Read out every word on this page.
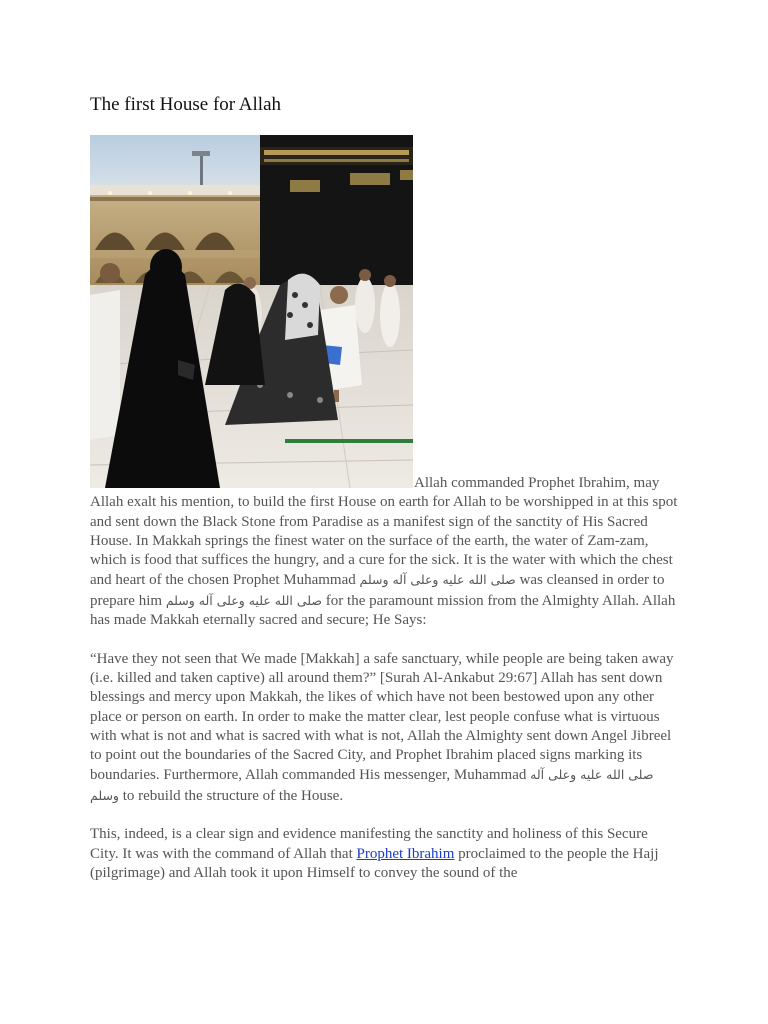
The first House for Allah

Allah commanded Prophet Ibrahim, may Allah exalt his mention, to build the first House on earth for Allah to be worshipped in at this spot and sent down the Black Stone from Paradise as a manifest sign of the sanctity of His Sacred House. In Makkah springs the finest water on the surface of the earth, the water of Zam-zam, which is food that suffices the hungry, and a cure for the sick. It is the water with which the chest and heart of the chosen Prophet Muhammad صلى الله عليه وعلى آله وسلم was cleansed in order to prepare him صلى الله عليه وعلى آله وسلم for the paramount mission from the Almighty Allah. Allah has made Makkah eternally sacred and secure; He Says:

“Have they not seen that We made [Makkah] a safe sanctuary, while people are being taken away (i.e. killed and taken captive) all around them?” [Surah Al-Ankabut 29:67] Allah has sent down blessings and mercy upon Makkah, the likes of which have not been bestowed upon any other place or person on earth. In order to make the matter clear, lest people confuse what is virtuous with what is not and what is sacred with what is not, Allah the Almighty sent down Angel Jibreel to point out the boundaries of the Sacred City, and Prophet Ibrahim placed signs marking its boundaries. Furthermore, Allah commanded His messenger, Muhammad صلى الله عليه وعلى آله وسلم to rebuild the structure of the House.

This, indeed, is a clear sign and evidence manifesting the sanctity and holiness of this Secure City. It was with the command of Allah that Prophet Ibrahim proclaimed to the people the Hajj (pilgrimage) and Allah took it upon Himself to convey the sound of the
